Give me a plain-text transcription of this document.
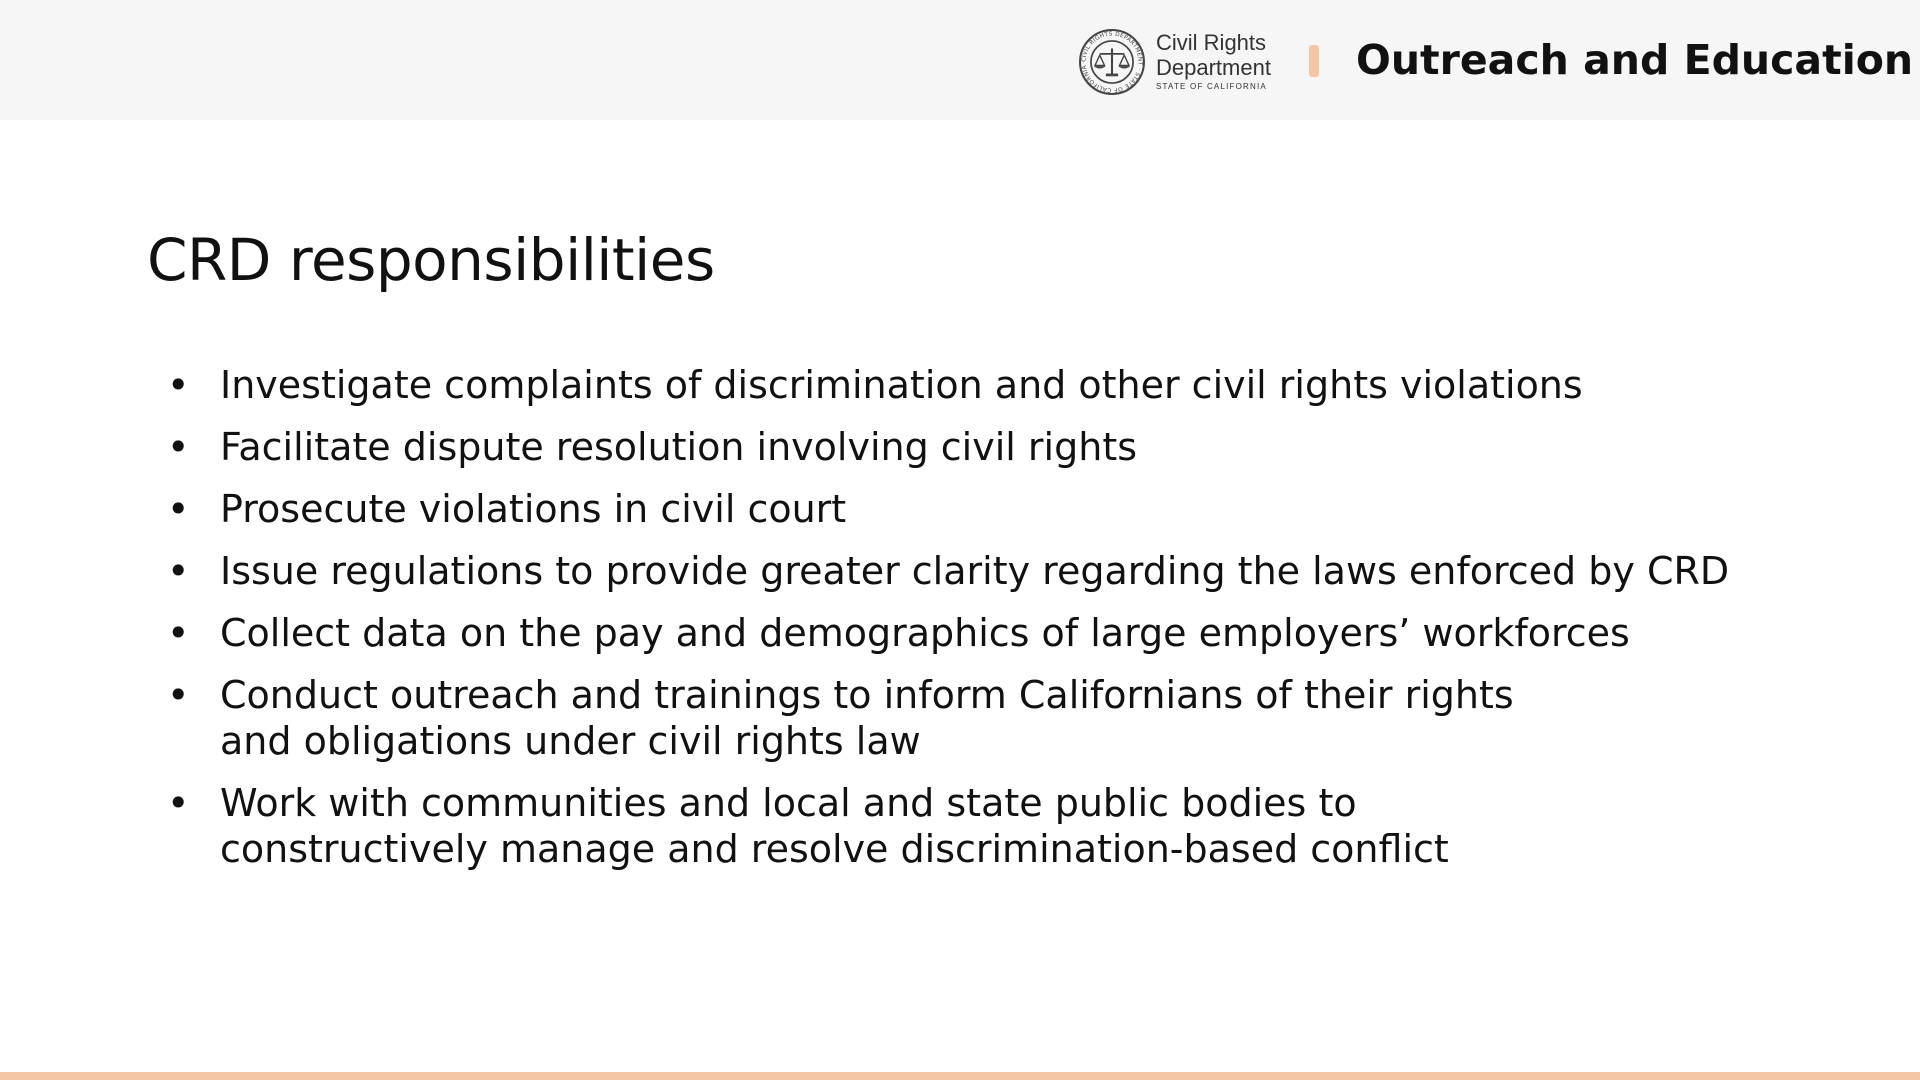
CIVIL RIGHTS DEPARTMENT · STATE OF CALIFORNIA
Civil Rights
Department
STATE OF CALIFORNIA
Outreach and Education
CRD responsibilities
• Investigate complaints of discrimination and other civil rights violations
• Facilitate dispute resolution involving civil rights
• Prosecute violations in civil court
• Issue regulations to provide greater clarity regarding the laws enforced by CRD
• Collect data on the pay and demographics of large employers’ workforces
• Conduct outreach and trainings to inform Californians of their rights
and obligations under civil rights law
• Work with communities and local and state public bodies to
constructively manage and resolve discrimination-based conflict
